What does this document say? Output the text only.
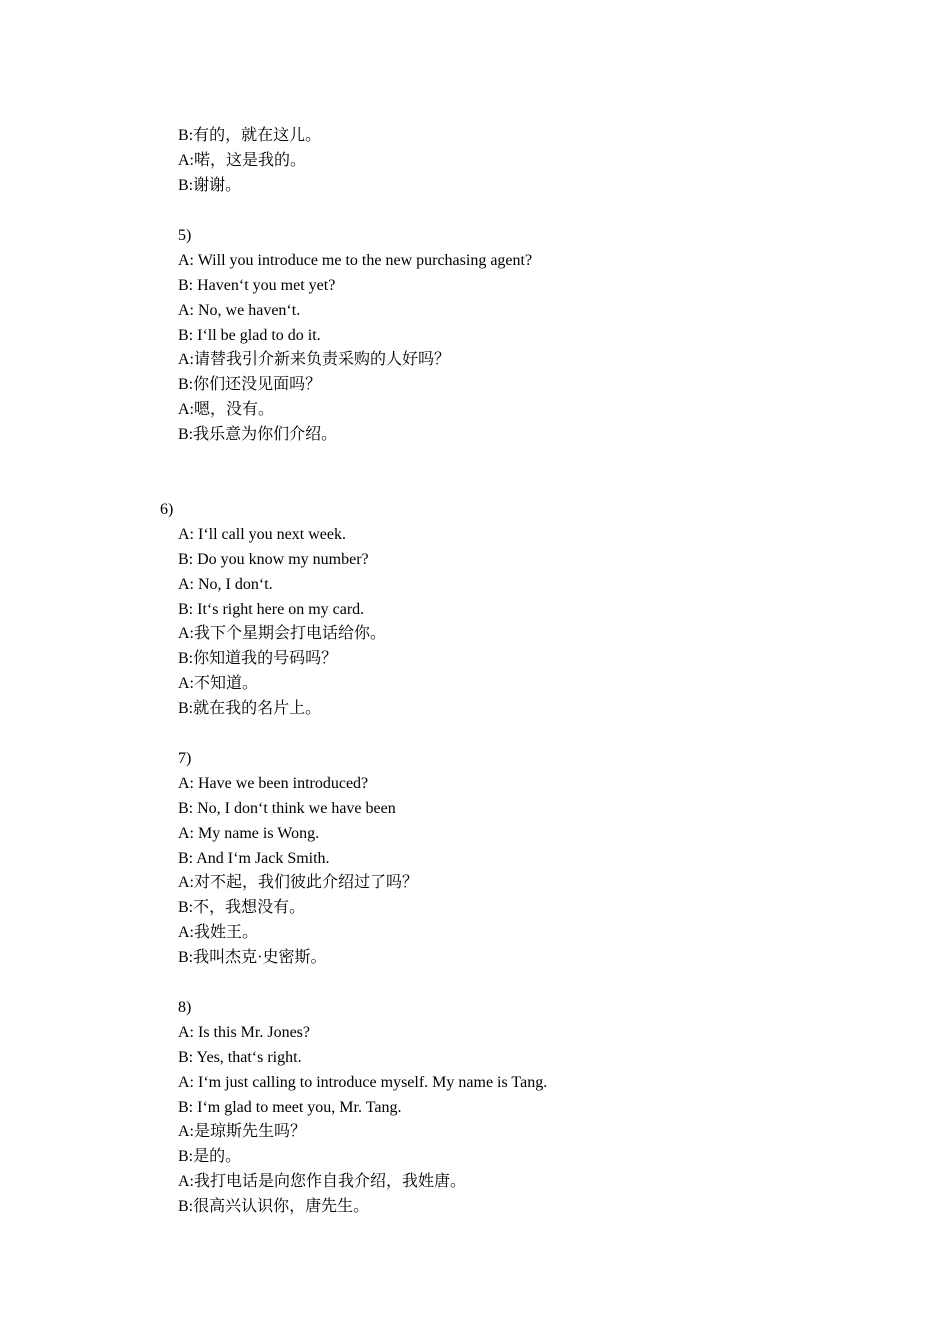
B:有的，就在这儿。
A:喏，这是我的。
B:谢谢。
5)
A: Will you introduce me to the new purchasing agent?
B: Haven‘t you met yet?
A: No, we haven‘t.
B: I‘ll be glad to do it.
A:请替我引介新来负责采购的人好吗？
B:你们还没见面吗？
A:嗯，没有。
B:我乐意为你们介绍。
6)
A: I‘ll call you next week.
B: Do you know my number?
A: No, I don‘t.
B: It‘s right here on my card.
A:我下个星期会打电话给你。
B:你知道我的号码吗？
A:不知道。
B:就在我的名片上。
7)
A: Have we been introduced?
B: No, I don‘t think we have been
A: My name is Wong.
B: And I‘m Jack Smith.
A:对不起，我们彼此介绍过了吗？
B:不，我想没有。
A:我姓王。
B:我叫杰克·史密斯。
8)
A: Is this Mr. Jones?
B: Yes, that‘s right.
A: I‘m just calling to introduce myself. My name is Tang.
B: I‘m glad to meet you, Mr. Tang.
A:是琼斯先生吗？
B:是的。
A:我打电话是向您作自我介绍，我姓唐。
B:很高兴认识你，唐先生。
